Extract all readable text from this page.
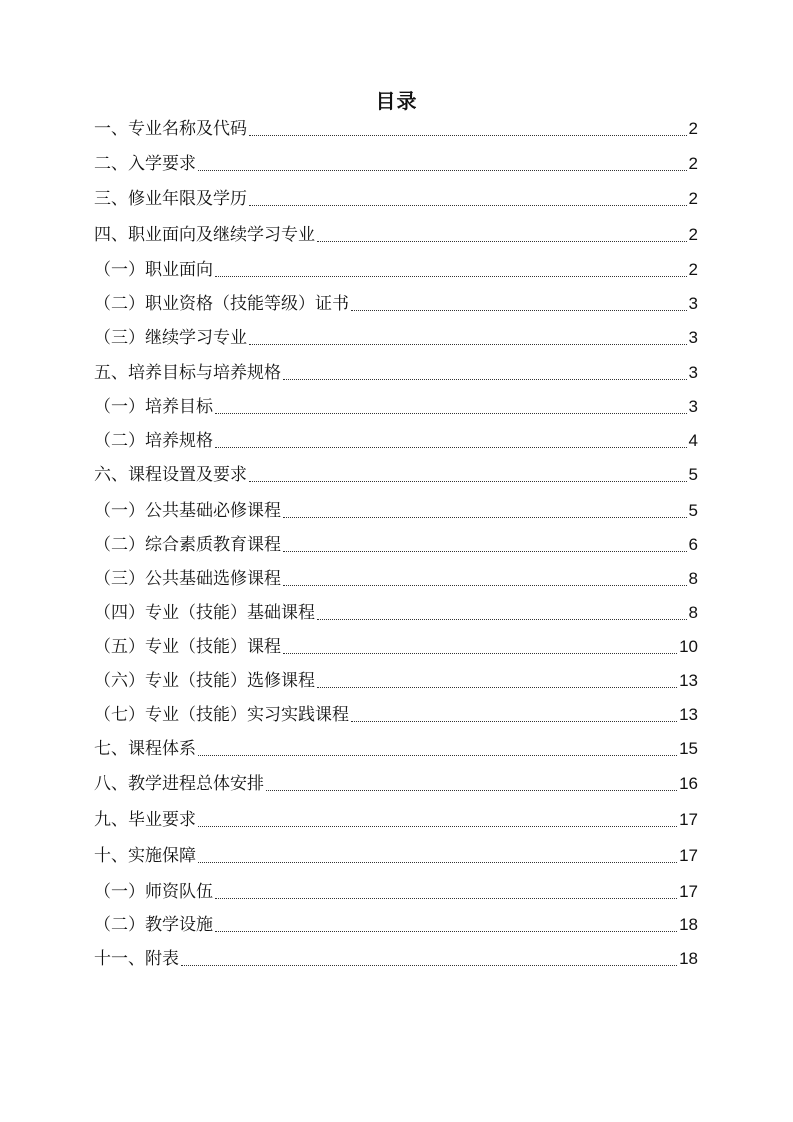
目录
一、专业名称及代码	2
二、入学要求	2
三、修业年限及学历	2
四、职业面向及继续学习专业	2
（一）职业面向	2
（二）职业资格（技能等级）证书	3
（三）继续学习专业	3
五、培养目标与培养规格	3
（一）培养目标	3
（二）培养规格	4
六、课程设置及要求	5
（一）公共基础必修课程	5
（二）综合素质教育课程	6
（三）公共基础选修课程	8
（四）专业（技能）基础课程	8
（五）专业（技能）课程	10
（六）专业（技能）选修课程	13
（七）专业（技能）实习实践课程	13
七、课程体系	15
八、教学进程总体安排	16
九、毕业要求	17
十、实施保障	17
（一）师资队伍	17
（二）教学设施	18
十一、附表	18
